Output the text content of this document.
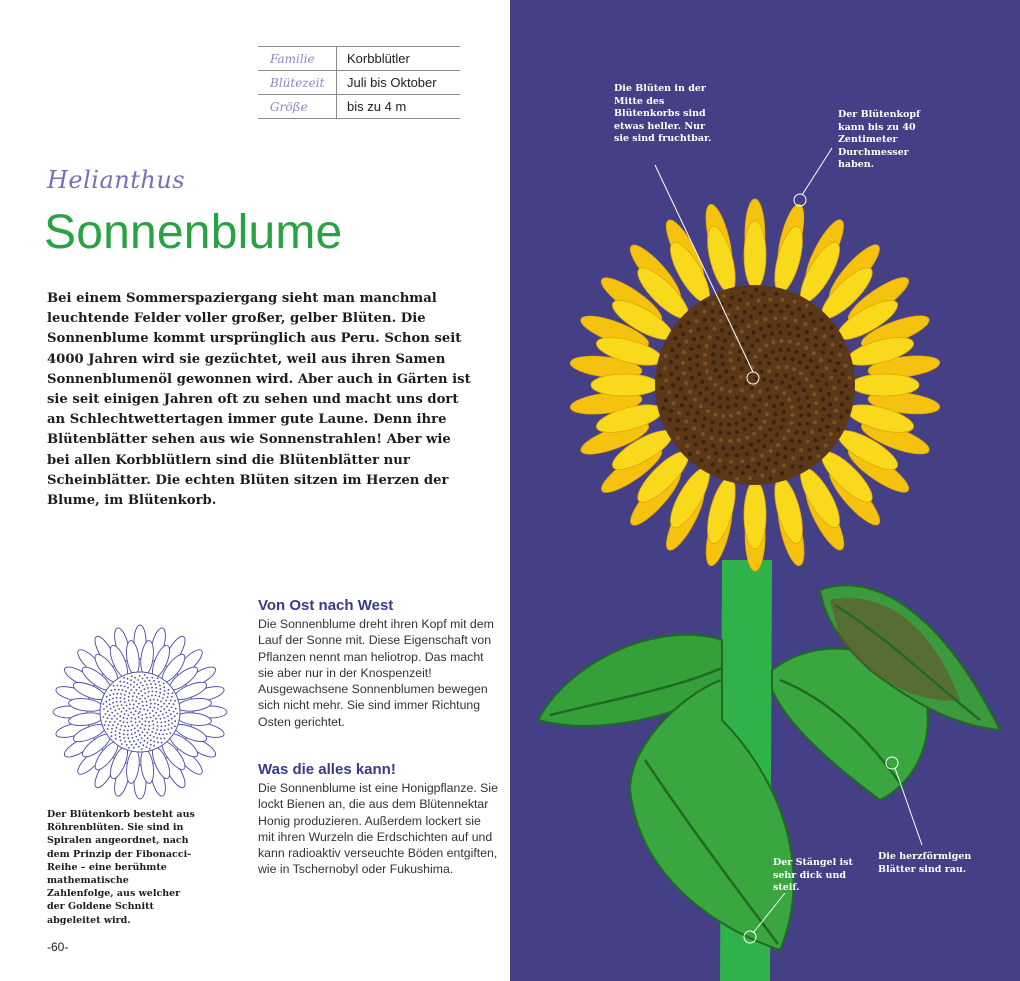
Familie	Korbblütler
Blütezeit	Juli bis Oktober
Größe	bis zu 4 m
Helianthus
Sonnenblume
Bei einem Sommerspaziergang sieht man manchmal leuchtende Felder voller großer, gelber Blüten. Die Sonnenblume kommt ursprünglich aus Peru. Schon seit 4000 Jahren wird sie gezüchtet, weil aus ihren Samen Sonnenblumenöl gewonnen wird. Aber auch in Gärten ist sie seit einigen Jahren oft zu sehen und macht uns dort an Schlechtwettertagen immer gute Laune. Denn ihre Blütenblätter sehen aus wie Sonnenstrahlen! Aber wie bei allen Korbblütlern sind die Blütenblätter nur Scheinblätter. Die echten Blüten sitzen im Herzen der Blume, im Blütenkorb.
Der Blütenkorb besteht aus Röhrenblüten. Sie sind in Spiralen angeordnet, nach dem Prinzip der Fibonacci-Reihe – eine berühmte mathematische Zahlenfolge, aus welcher der Goldene Schnitt abgeleitet wird.
-60-

Von Ost nach West

Die Sonnenblume dreht ihren Kopf mit dem Lauf der Sonne mit. Diese Eigenschaft von Pflanzen nennt man heliotrop. Das macht sie aber nur in der Knospenzeit! Ausgewachsene Sonnenblumen bewegen sich nicht mehr. Sie sind immer Richtung Osten gerichtet.

Was die alles kann!

Die Sonnenblume ist eine Honigpflanze. Sie lockt Bienen an, die aus dem Blütennektar Honig produzieren. Außerdem lockert sie mit ihren Wurzeln die Erdschichten auf und kann radioaktiv verseuchte Böden entgiften, wie in Tschernobyl oder Fukushima.
Die Blüten in der Mitte des Blütenkorbs sind etwas heller. Nur sie sind fruchtbar.
Der Blütenkopf kann bis zu 40 Zentimeter Durchmesser haben.
Der Stängel ist sehr dick und steif.
Die herzförmigen Blätter sind rau.
